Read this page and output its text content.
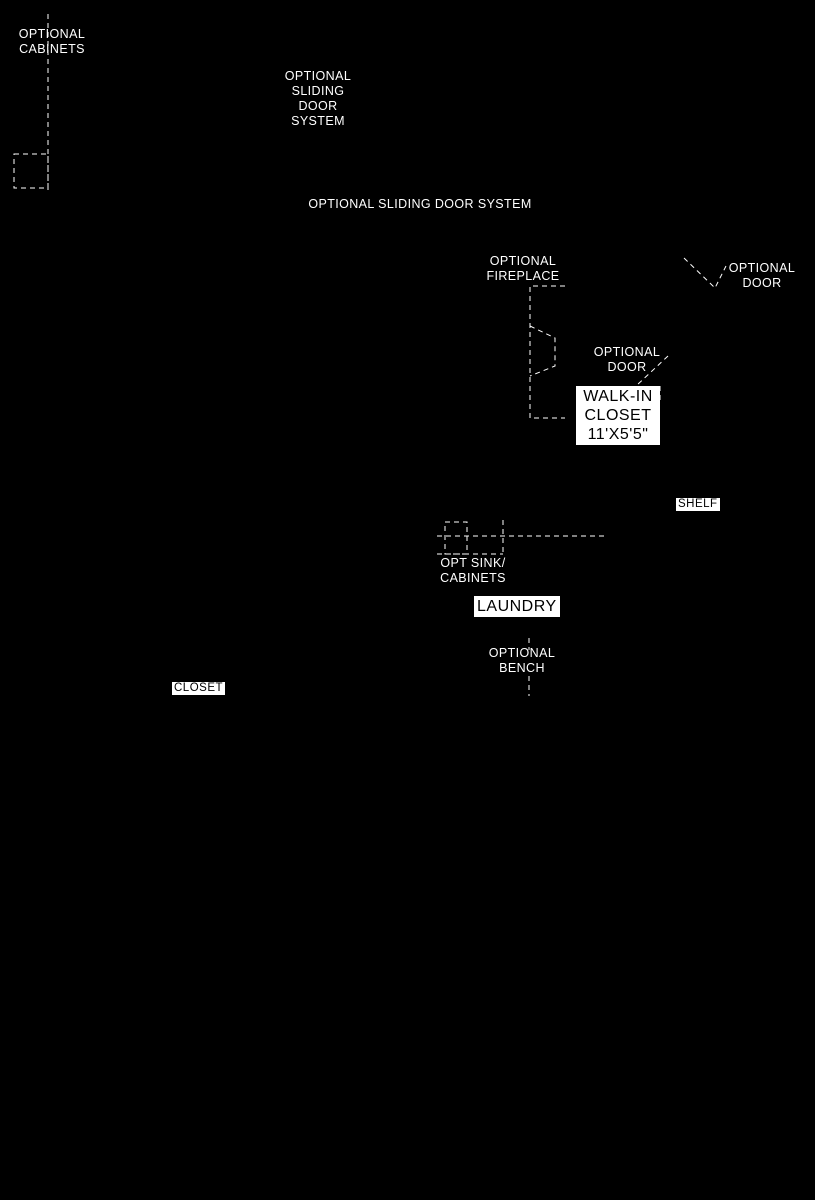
OPTIONAL
CABINETS
OPTIONAL
SLIDING
DOOR
SYSTEM
OPTIONAL SLIDING DOOR SYSTEM
OPTIONAL
FIREPLACE
OPTIONAL
DOOR
OPTIONAL
DOOR
WALK-IN
CLOSET
11'X5'5"
SHELF
OPT SINK/
CABINETS
LAUNDRY
OPTIONAL
BENCH
CLOSET
